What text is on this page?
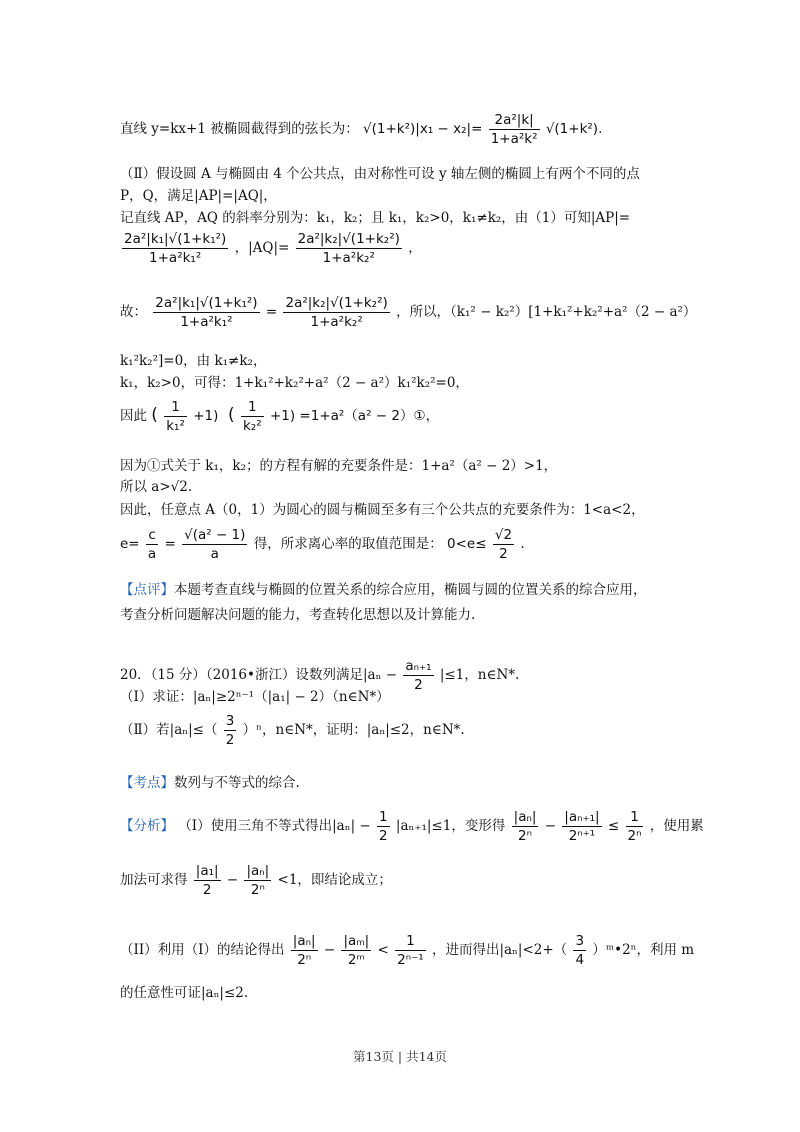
直线 y=kx+1 被椭圆截得到的弦长为： $√(1+k^2)|x_1 - x_2|= \frac{\text{2a²|k|}}{\text{1+a²k²}} √(1+k^2)$.
（Ⅱ）假设圆 A 与椭圆由 4 个公共点，由对称性可设 y 轴左侧的椭圆上有两个不同的点
P，Q，满足|AP|=|AQ|，
记直线 AP，AQ 的斜率分别为：k₁，k₂；且 k₁，k₂>0，k₁≠k₂，由（1）可知|AP|=
$\frac{\text{2a²|k₁|√(1+k₁²)}}{\text{1+a²k₁²}}$ ，$|AQ|= \frac{\text{2a²|k₂|√(1+k₂²)}}{\text{1+a²k₂²}}$ ，
故： $\frac{\text{2a²|k₁|√(1+k₁²)}}{\text{1+a²k₁²}} = \frac{\text{2a²|k₂|√(1+k₂²)}}{\text{1+a²k₂²}}$ ，所以，（k₁² − k₂²）[1+k₁²+k₂²+a²（2 − a²）
k₁²k₂²]=0，由 k₁≠k₂，
k₁，k₂>0，可得：1+k₁²+k₂²+a²（2 − a²）k₁²k₂²=0，
因此 ( $\frac{1}{\text{k₁²}} +1$)  ( $\frac{1}{\text{k₂²}} +1) =1+a^2(a^2$ − 2）①，
因为①式关于 k₁，k₂；的方程有解的充要条件是：1+a²（a² − 2）>1，
所以 a>√2.
因此，任意点 A（0，1）为圆心的圆与椭圆至多有三个公共点的充要条件为：1<a<2，
$e= \frac{c}{a} = \frac{\text{√(a² − 1)}}{a}$ 得，所求离心率的取值范围是： $0<e\le \frac{√2}{2}$ .
【点评】本题考查直线与椭圆的位置关系的综合应用，椭圆与圆的位置关系的综合应用，
考查分析问题解决问题的能力，考查转化思想以及计算能力.
20．（15 分）（2016•浙江）设数列满足$|a_n - \frac{\text{aₙ₊₁}}{2} |\le 1$，n∈N*.
（Ⅰ）求证：|aₙ|≥2ⁿ⁻¹（|a₁| − 2）（n∈N*）
（Ⅱ）若$|a_n|\le( \frac{3}{2} )^n$，n∈N*，证明：|aₙ|≤2，n∈N*.
【考点】数列与不等式的综合.
【分析】 （I）使用三角不等式得出$|a_n| - \frac{1}{2} |a_{n+1}|\le 1$，变形得 $\frac{\text{|aₙ|}}{\text{2ⁿ}} - \frac{\text{|aₙ₊₁|}}{\text{2ⁿ⁺¹}} \le \frac{1}{\text{2ⁿ}}$ ，使用累
加法可求得 $\frac{\text{|a₁|}}{2} - \frac{\text{|aₙ|}}{\text{2ⁿ}} <1$，即结论成立；
（II）利用（I）的结论得出 $\frac{\text{|aₙ|}}{\text{2ⁿ}} - \frac{\text{|aₘ|}}{\text{2ᵐ}} < \frac{1}{\text{2ⁿ⁻¹}}$ ，进而得出$|a_n|<2+( \frac{3}{4}$ ）ᵐ•2ⁿ，利用 m
的任意性可证|aₙ|≤2.
第13页 | 共14页
